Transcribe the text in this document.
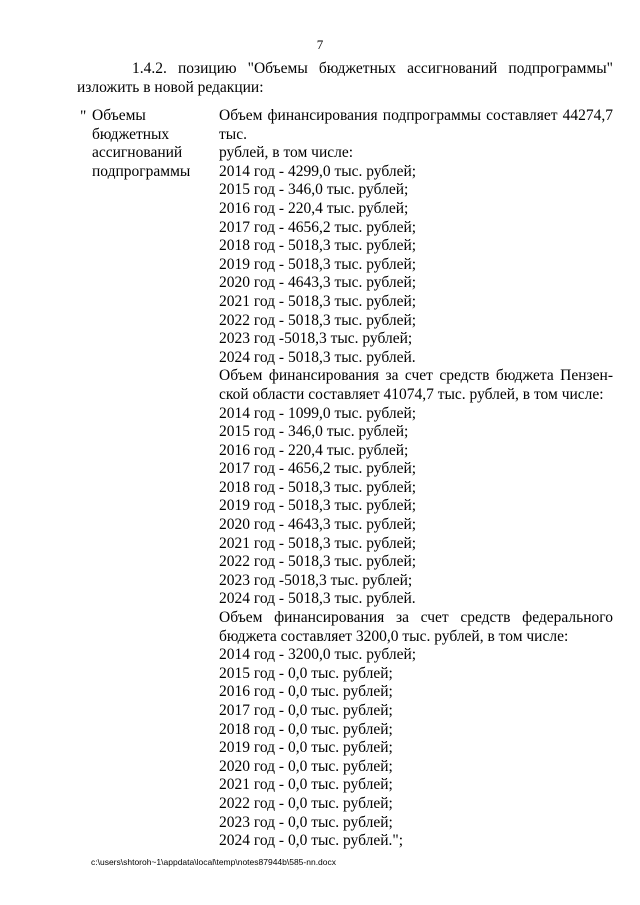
7
1.4.2. позицию "Объемы бюджетных ассигнований подпрограммы"
изложить в новой редакции:
" Объемы
бюджетных
ассигнований
подпрограммы
Объем финансирования подпрограммы составляет 44274,7 тыс.
рублей, в том числе:
2014 год - 4299,0 тыс. рублей;
2015 год - 346,0 тыс. рублей;
2016 год - 220,4 тыс. рублей;
2017 год - 4656,2 тыс. рублей;
2018 год - 5018,3 тыс. рублей;
2019 год - 5018,3 тыс. рублей;
2020 год - 4643,3 тыс. рублей;
2021 год - 5018,3 тыс. рублей;
2022 год - 5018,3 тыс. рублей;
2023 год -5018,3 тыс. рублей;
2024 год - 5018,3 тыс. рублей.
Объем финансирования за счет средств бюджета Пензен-
ской области составляет 41074,7 тыс. рублей, в том числе:
2014 год - 1099,0 тыс. рублей;
2015 год - 346,0 тыс. рублей;
2016 год - 220,4 тыс. рублей;
2017 год - 4656,2 тыс. рублей;
2018 год - 5018,3 тыс. рублей;
2019 год - 5018,3 тыс. рублей;
2020 год - 4643,3 тыс. рублей;
2021 год - 5018,3 тыс. рублей;
2022 год - 5018,3 тыс. рублей;
2023 год -5018,3 тыс. рублей;
2024 год - 5018,3 тыс. рублей.
Объем финансирования за счет средств федерального
бюджета составляет 3200,0 тыс. рублей, в том числе:
2014 год - 3200,0 тыс. рублей;
2015 год - 0,0 тыс. рублей;
2016 год - 0,0 тыс. рублей;
2017 год - 0,0 тыс. рублей;
2018 год - 0,0 тыс. рублей;
2019 год - 0,0 тыс. рублей;
2020 год - 0,0 тыс. рублей;
2021 год - 0,0 тыс. рублей;
2022 год - 0,0 тыс. рублей;
2023 год - 0,0 тыс. рублей;
2024 год - 0,0 тыс. рублей.";
c:\users\shtoroh~1\appdata\local\temp\notes87944b\585-nn.docx
